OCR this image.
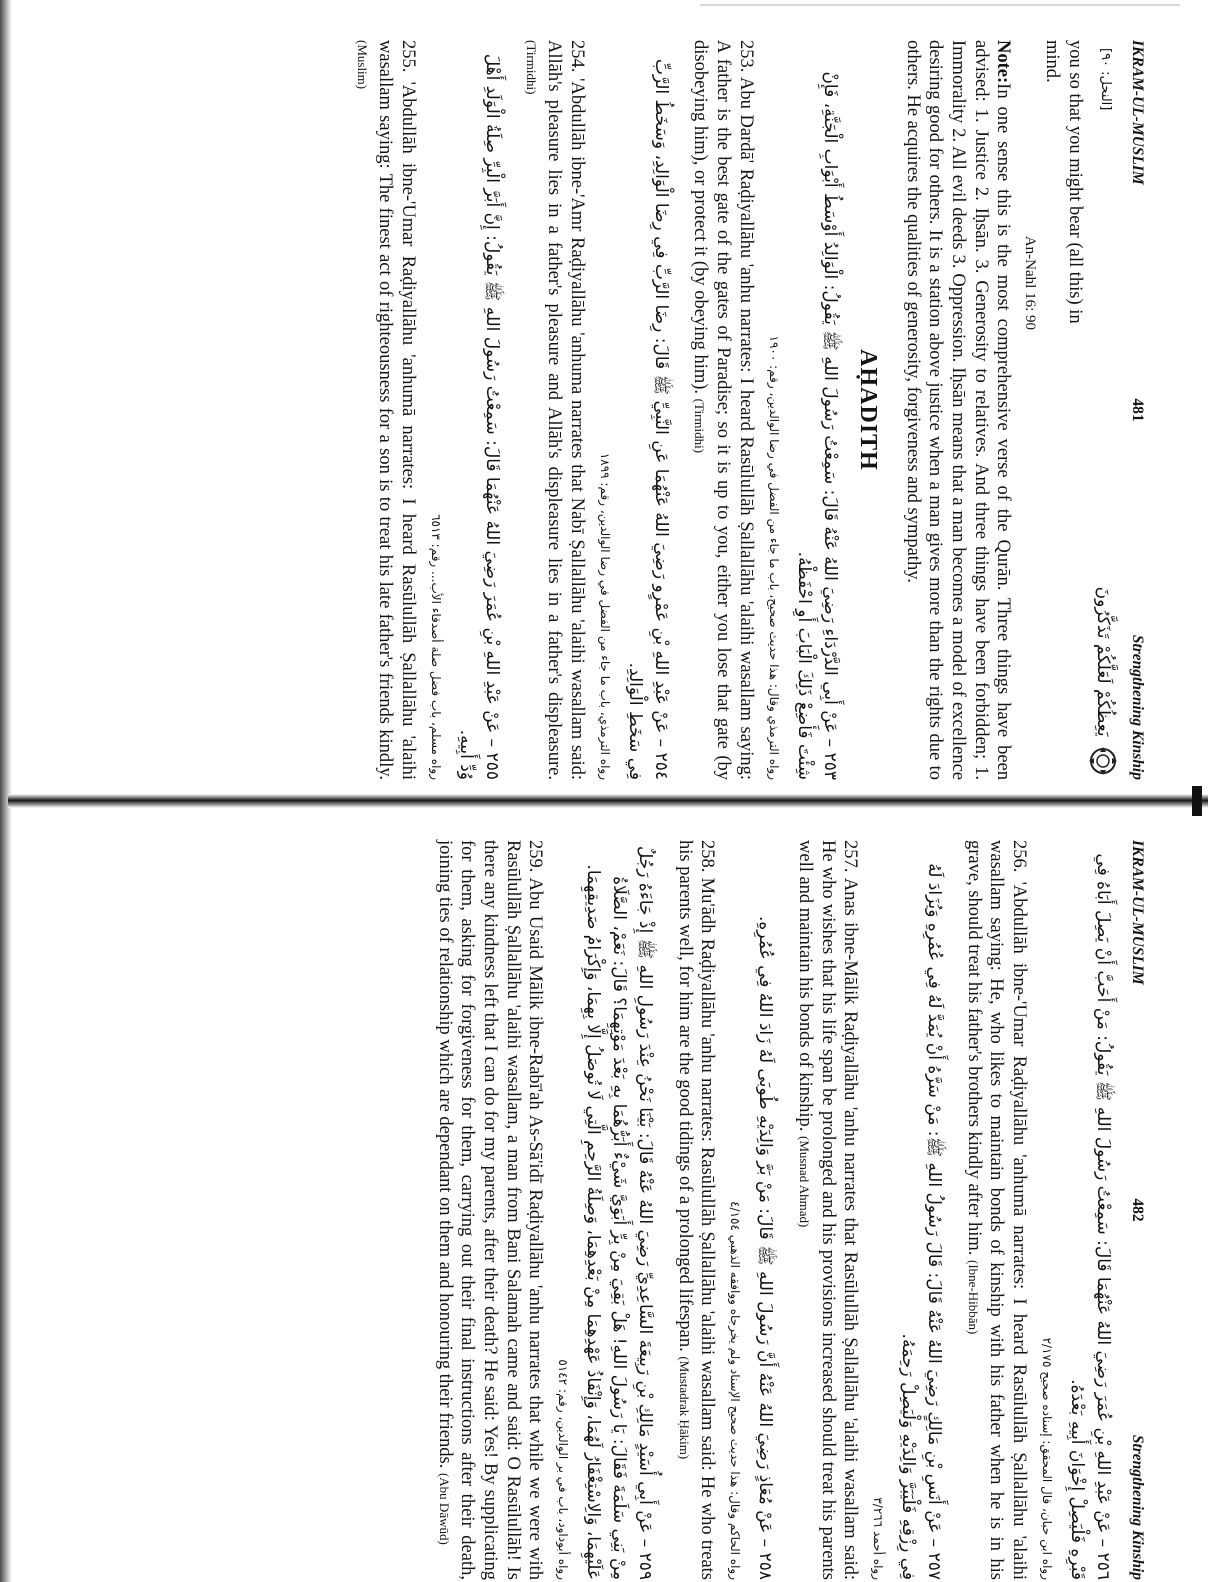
IKRAM-UL-MUSLIM
481
Strengthening Kinship
[النحل: ٩٠]
يَعِظُكُمْ لَعَلَّكُمْ تَذَكَّرُونَ
you so that you might bear (all this) in mind.
An-Nahl 16: 90

Note:In one sense this is the most comprehensive verse of the Qurān. Three things have been advised: 1. Justice 2. Iḥsān. 3. Generosity to relatives. And three things have been forbidden; 1. Immorality 2. All evil deeds 3. Oppression. Iḥsān means that a man becomes a model of excellence desiring good for others. It is a station above justice when a man gives more than the rights due to others. He acquires the qualities of generosity, forgiveness and sympathy.

AḤADITH
٢٥٣ – عَنْ أَبِي الدَّرْدَاءِ رَضِيَ اللهُ عَنْهُ قَالَ: سَمِعْتُ رَسُولَ اللهِ ﷺ يَقُولُ: الْوَالِدُ أَوْسَطُ أَبْوَابِ الْجَنَّةِ، فَإِنْ شِئْتَ فَأَضِعْ ذَلِكَ الْبَابَ أَوِ احْفَظْهُ.
رواه الترمذي وقال: هذا حديث صحيح، باب ما جاء من الفضل في رضا الوالدين، رقم: ١٩٠٠

253. Abu Dardā' Raḍiyallāhu 'anhu narrates: I heard Rasūlullāh Ṣallallāhu 'alaihi wasallam saying: A father is the best gate of the gates of Paradise; so it is up to you, either you lose that gate (by disobeying him), or protect it (by obeying him). (Tirmidhi)

٢٥٤ – عَنْ عَبْدِ اللهِ بْنِ عَمْرٍو رَضِيَ اللهُ عَنْهُمَا عَنِ النَّبِيِّ ﷺ قَالَ: رِضَا الرَّبِّ فِي رِضَا الْوَالِدِ، وَسَخَطُ الرَّبِّ فِي سَخَطِ الْوَالِدِ.
رواه الترمذي، باب ما جاء من الفضل في رضا الوالدين، رقم: ١٨٩٩

254. 'Abdullāh ibne-'Amr Raḍiyallāhu 'anhuma narrates that Nabī Ṣallallāhu 'alaihi wasallam said: Allāh's pleasure lies in a father's pleasure and Allāh's displeasure lies in a father's displeasure. (Tirmidhi)

٢٥٥ – عَنْ عَبْدِ اللهِ بْنِ عُمَرَ رَضِيَ اللهُ عَنْهُمَا قَالَ: سَمِعْتُ رَسُولَ اللهِ ﷺ يَقُولُ: إِنَّ أَبَرَّ الْبِرِّ صِلَةُ الْوَلَدِ أَهْلَ وُدِّ أَبِيهِ.
رواه مسلم، باب فضل صلة أصدقاء الأب... رقم: ٦٥١٣

255. 'Abdullāh ibne-'Umar Raḍiyallāhu 'anhumā narrates: I heard Rasūlullāh Ṣallallāhu 'alaihi wasallam saying: The finest act of righteousness for a son is to treat his late father's friends kindly. (Muslim)

IKRAM-UL-MUSLIM
482
Strengthening Kinship
٢٥٦ – عَنْ عَبْدِ اللهِ بْنِ عُمَرَ رَضِيَ اللهُ عَنْهُمَا قَالَ: سَمِعْتُ رَسُولَ اللهِ ﷺ يَقُولُ: مَنْ أَحَبَّ أَنْ يَصِلَ أَبَاهُ فِي قَبْرِهِ فَلْيَصِلْ إِخْوَانَ أَبِيهِ بَعْدَهُ.
رواه ابن حبان، قال المحقق: إسناده صحيح ٢/١٧٥

256. 'Abdullāh ibne-'Umar Raḍiyallāhu 'anhumā narrates: I heard Rasūlullāh Ṣallallāhu 'alaihi wasallam saying: He, who likes to maintain bonds of kinship with his father when he is in his grave, should treat his father's brothers kindly after him. (Ibne-Hibbān)

٢٥٧ – عَنْ أَنَسِ بْنِ مَالِكٍ رَضِيَ اللهُ عَنْهُ قَالَ: قَالَ رَسُولُ اللهِ ﷺ: مَنْ سَرَّهُ أَنْ يُمَدَّ لَهُ فِي عُمُرِهِ وَيُزَادَ لَهُ فِي رِزْقِهِ فَلْيَبَرَّ وَالِدَيْهِ وَلْيَصِلْ رَحِمَهُ.
رواه أحمد ٣/٢٦٦

257. Anas ibne-Mālik Raḍiyallāhu 'anhu narrates that Rasūlullāh Ṣallallāhu 'alaihi wasallam said: He who wishes that his life span be prolonged and his provisions increased should treat his parents well and maintain his bonds of kinship. (Musnad Ahmad)

٢٥٨ – عَنْ مُعَاذٍ رَضِيَ اللهُ عَنْهُ أَنَّ رَسُولَ اللهِ ﷺ قَالَ: مَنْ بَرَّ وَالِدَيْهِ طُوبَى لَهُ زَادَ اللهُ فِي عُمُرِهِ.
رواه الحاكم وقال: هذا حديث صحيح الإسناد ولم يخرجاه ووافقه الذهبي ٤/١٥٤

258. Mu'ādh Raḍiyallāhu 'anhu narrates: Rasūlullāh Ṣallallāhu 'alaihi wasallam said: He who treats his parents well, for him are the good tidings of a prolonged lifespan. (Mustadrak Ḥākim)

٢٥٩ – عَنْ أَبِي أُسَيْدٍ مَالِكِ بْنِ رَبِيعَةَ السَّاعِدِيِّ رَضِيَ اللهُ عَنْهُ قَالَ: بَيْنَا نَحْنُ عِنْدَ رَسُولِ اللهِ ﷺ إِذْ جَاءَهُ رَجُلٌ مِنْ بَنِي سَلَمَةَ فَقَالَ: يَا رَسُولَ اللهِ! هَلْ بَقِيَ مِنْ بِرِّ أَبَوَيَّ شَيْءٌ أَبَرُّهُمَا بِهِ بَعْدَ مَوْتِهِمَا؟ قَالَ: نَعَمْ، الصَّلَاةُ عَلَيْهِمَا، وَالِاسْتِغْفَارُ لَهُمَا، وَإِنْفَاذُ عَهْدِهِمَا مِنْ بَعْدِهِمَا، وَصِلَةُ الرَّحِمِ الَّتِي لَا تُوصَلُ إِلَّا بِهِمَا، وَإِكْرَامُ صَدِيقِهِمَا.
رواه أبوداود، باب في بر الوالدين، رقم: ٥١٤٢

259. Abu Usaid Mālik ibne-Rabī'ah As-Sā'idī Raḍiyallāhu 'anhu narrates that while we were with Rasūlullāh Ṣallallāhu 'alaihi wasallam, a man from Bani Salamah came and said: O Rasūlullāh! Is there any kindness left that I can do for my parents, after their death? He said: Yes! By supplicating for them, asking for forgiveness for them, carrying out their final instructions after their death, joining ties of relationship which are dependant on them and honouring their friends. (Abu Dāwūd)
